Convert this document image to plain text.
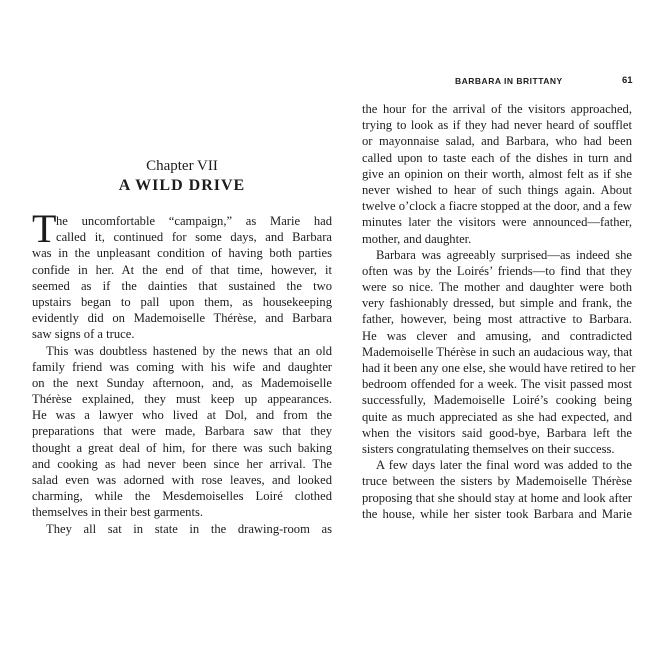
Chapter VII
A WILD DRIVE
T he uncomfortable “campaign,” as Marie had
called it, continued for some days, and Barbara
was in the unpleasant condition of having both parties
confide in her. At the end of that time, however, it
seemed as if the dainties that sustained the two
upstairs began to pall upon them, as housekeeping
evidently did on Mademoiselle Thérèse, and Barbara
saw signs of a truce.
This was doubtless hastened by the news that an old
family friend was coming with his wife and daughter
on the next Sunday afternoon, and, as Mademoiselle
Thérèse explained, they must keep up appearances.
He was a lawyer who lived at Dol, and from the
preparations that were made, Barbara saw that they
thought a great deal of him, for there was such baking
and cooking as had never been since her arrival. The
salad even was adorned with rose leaves, and looked
charming, while the Mesdemoiselles Loiré clothed
themselves in their best garments.
They all sat in state in the drawing-room as
BARBARA IN BRITTANY	61
the hour for the arrival of the visitors approached,
trying to look as if they had never heard of soufflet
or mayonnaise salad, and Barbara, who had been
called upon to taste each of the dishes in turn and
give an opinion on their worth, almost felt as if she
never wished to hear of such things again. About
twelve o’clock a fiacre stopped at the door, and a few
minutes later the visitors were announced—father,
mother, and daughter.
Barbara was agreeably surprised—as indeed she
often was by the Loirés’ friends—to find that they
were so nice. The mother and daughter were both
very fashionably dressed, but simple and frank, the
father, however, being most attractive to Barbara.
He was clever and amusing, and contradicted
Mademoiselle Thérèse in such an audacious way, that
had it been any one else, she would have retired to her
bedroom offended for a week. The visit passed most
successfully, Mademoiselle Loiré’s cooking being
quite as much appreciated as she had expected, and
when the visitors said good-bye, Barbara left the
sisters congratulating themselves on their success.
A few days later the final word was added to the
truce between the sisters by Mademoiselle Thérèse
proposing that she should stay at home and look after
the house, while her sister took Barbara and Marie
